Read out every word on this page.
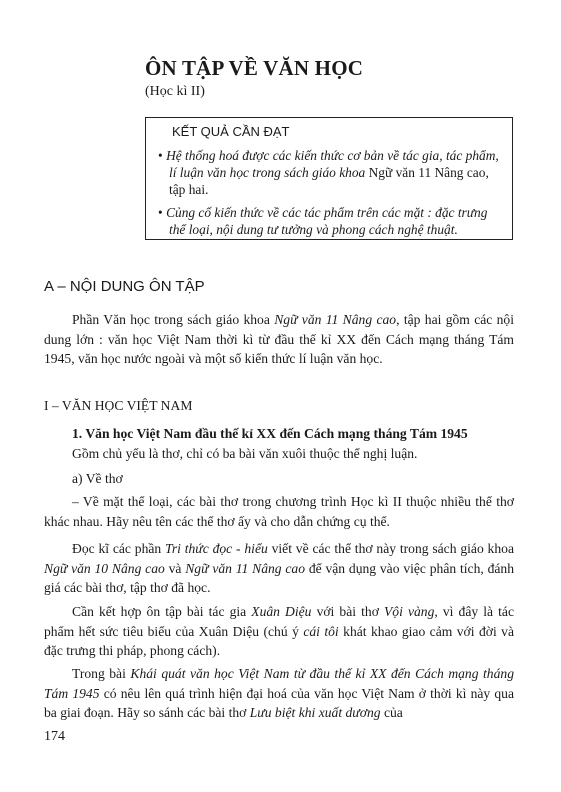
ÔN TẬP VỀ VĂN HỌC
(Học kì II)
KẾT QUẢ CẦN ĐẠT

• Hệ thống hoá được các kiến thức cơ bản về tác gia, tác phẩm, lí luận văn học trong sách giáo khoa Ngữ văn 11 Nâng cao, tập hai.

• Củng cố kiến thức về các tác phẩm trên các mặt : đặc trưng thể loại, nội dung tư tưởng và phong cách nghệ thuật.

A – NỘI DUNG ÔN TẬP

Phần Văn học trong sách giáo khoa Ngữ văn 11 Nâng cao, tập hai gồm các nội dung lớn : văn học Việt Nam thời kì từ đầu thế kỉ XX đến Cách mạng tháng Tám 1945, văn học nước ngoài và một số kiến thức lí luận văn học.

I – VĂN HỌC VIỆT NAM
1. Văn học Việt Nam đầu thế kỉ XX đến Cách mạng tháng Tám 1945
Gồm chủ yếu là thơ, chỉ có ba bài văn xuôi thuộc thể nghị luận.
a) Về thơ

– Về mặt thể loại, các bài thơ trong chương trình Học kì II thuộc nhiều thể thơ khác nhau. Hãy nêu tên các thể thơ ấy và cho dẫn chứng cụ thể.

Đọc kĩ các phần Tri thức đọc - hiểu viết về các thể thơ này trong sách giáo khoa Ngữ văn 10 Nâng cao và Ngữ văn 11 Nâng cao để vận dụng vào việc phân tích, đánh giá các bài thơ, tập thơ đã học.

Cần kết hợp ôn tập bài tác gia Xuân Diệu với bài thơ Vội vàng, vì đây là tác phẩm hết sức tiêu biểu của Xuân Diệu (chú ý cái tôi khát khao giao cảm với đời và đặc trưng thi pháp, phong cách).

Trong bài Khái quát văn học Việt Nam từ đầu thế kỉ XX đến Cách mạng tháng Tám 1945 có nêu lên quá trình hiện đại hoá của văn học Việt Nam ở thời kì này qua ba giai đoạn. Hãy so sánh các bài thơ Lưu biệt khi xuất dương của

174
